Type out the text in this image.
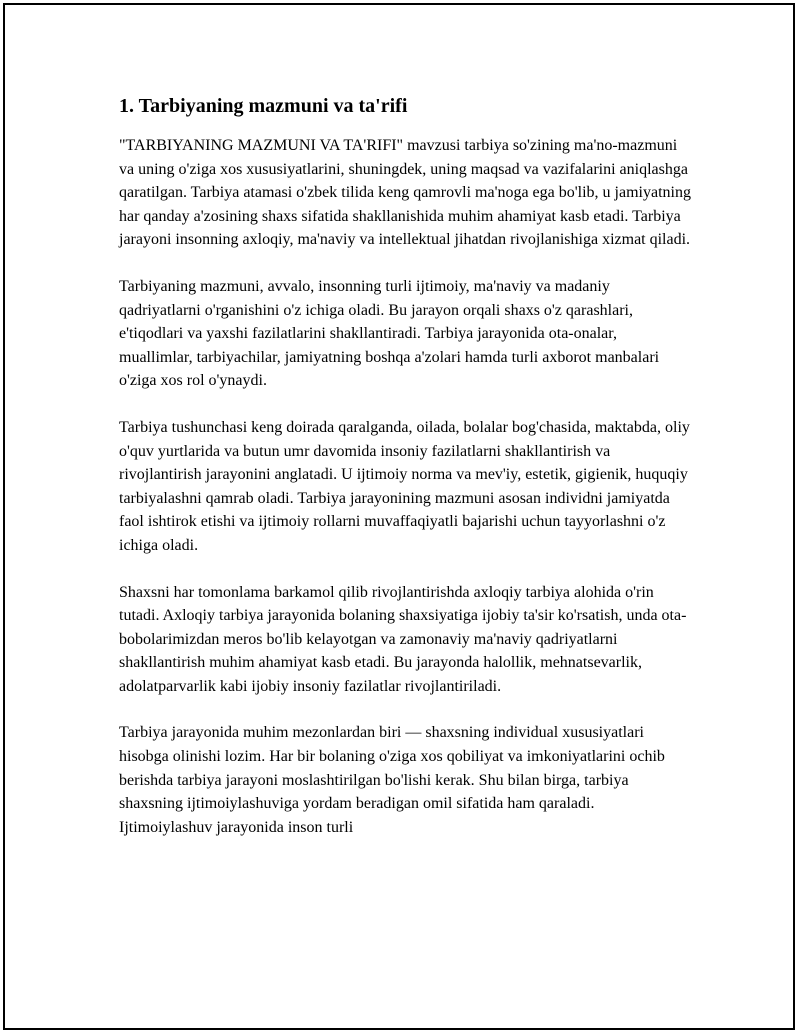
1. Tarbiyaning mazmuni va ta'rifi

"TARBIYANING MAZMUNI VA TA'RIFI" mavzusi tarbiya so'zining ma'no-mazmuni va uning o'ziga xos xususiyatlarini, shuningdek, uning maqsad va vazifalarini aniqlashga qaratilgan. Tarbiya atamasi o'zbek tilida keng qamrovli ma'noga ega bo'lib, u jamiyatning har qanday a'zosining shaxs sifatida shakllanishida muhim ahamiyat kasb etadi. Tarbiya jarayoni insonning axloqiy, ma'naviy va intellektual jihatdan rivojlanishiga xizmat qiladi.

Tarbiyaning mazmuni, avvalo, insonning turli ijtimoiy, ma'naviy va madaniy qadriyatlarni o'rganishini o'z ichiga oladi. Bu jarayon orqali shaxs o'z qarashlari, e'tiqodlari va yaxshi fazilatlarini shakllantiradi. Tarbiya jarayonida ota-onalar, muallimlar, tarbiyachilar, jamiyatning boshqa a'zolari hamda turli axborot manbalari o'ziga xos rol o'ynaydi.

Tarbiya tushunchasi keng doirada qaralganda, oilada, bolalar bog'chasida, maktabda, oliy o'quv yurtlarida va butun umr davomida insoniy fazilatlarni shakllantirish va rivojlantirish jarayonini anglatadi. U ijtimoiy norma va mev'iy, estetik, gigienik, huquqiy tarbiyalashni qamrab oladi. Tarbiya jarayonining mazmuni asosan individni jamiyatda faol ishtirok etishi va ijtimoiy rollarni muvaffaqiyatli bajarishi uchun tayyorlashni o'z ichiga oladi.

Shaxsni har tomonlama barkamol qilib rivojlantirishda axloqiy tarbiya alohida o'rin tutadi. Axloqiy tarbiya jarayonida bolaning shaxsiyatiga ijobiy ta'sir ko'rsatish, unda ota-bobolarimizdan meros bo'lib kelayotgan va zamonaviy ma'naviy qadriyatlarni shakllantirish muhim ahamiyat kasb etadi. Bu jarayonda halollik, mehnatsevarlik, adolatparvarlik kabi ijobiy insoniy fazilatlar rivojlantiriladi.

Tarbiya jarayonida muhim mezonlardan biri — shaxsning individual xususiyatlari hisobga olinishi lozim. Har bir bolaning o'ziga xos qobiliyat va imkoniyatlarini ochib berishda tarbiya jarayoni moslashtirilgan bo'lishi kerak. Shu bilan birga, tarbiya shaxsning ijtimoiylashuviga yordam beradigan omil sifatida ham qaraladi. Ijtimoiylashuv jarayonida inson turli
